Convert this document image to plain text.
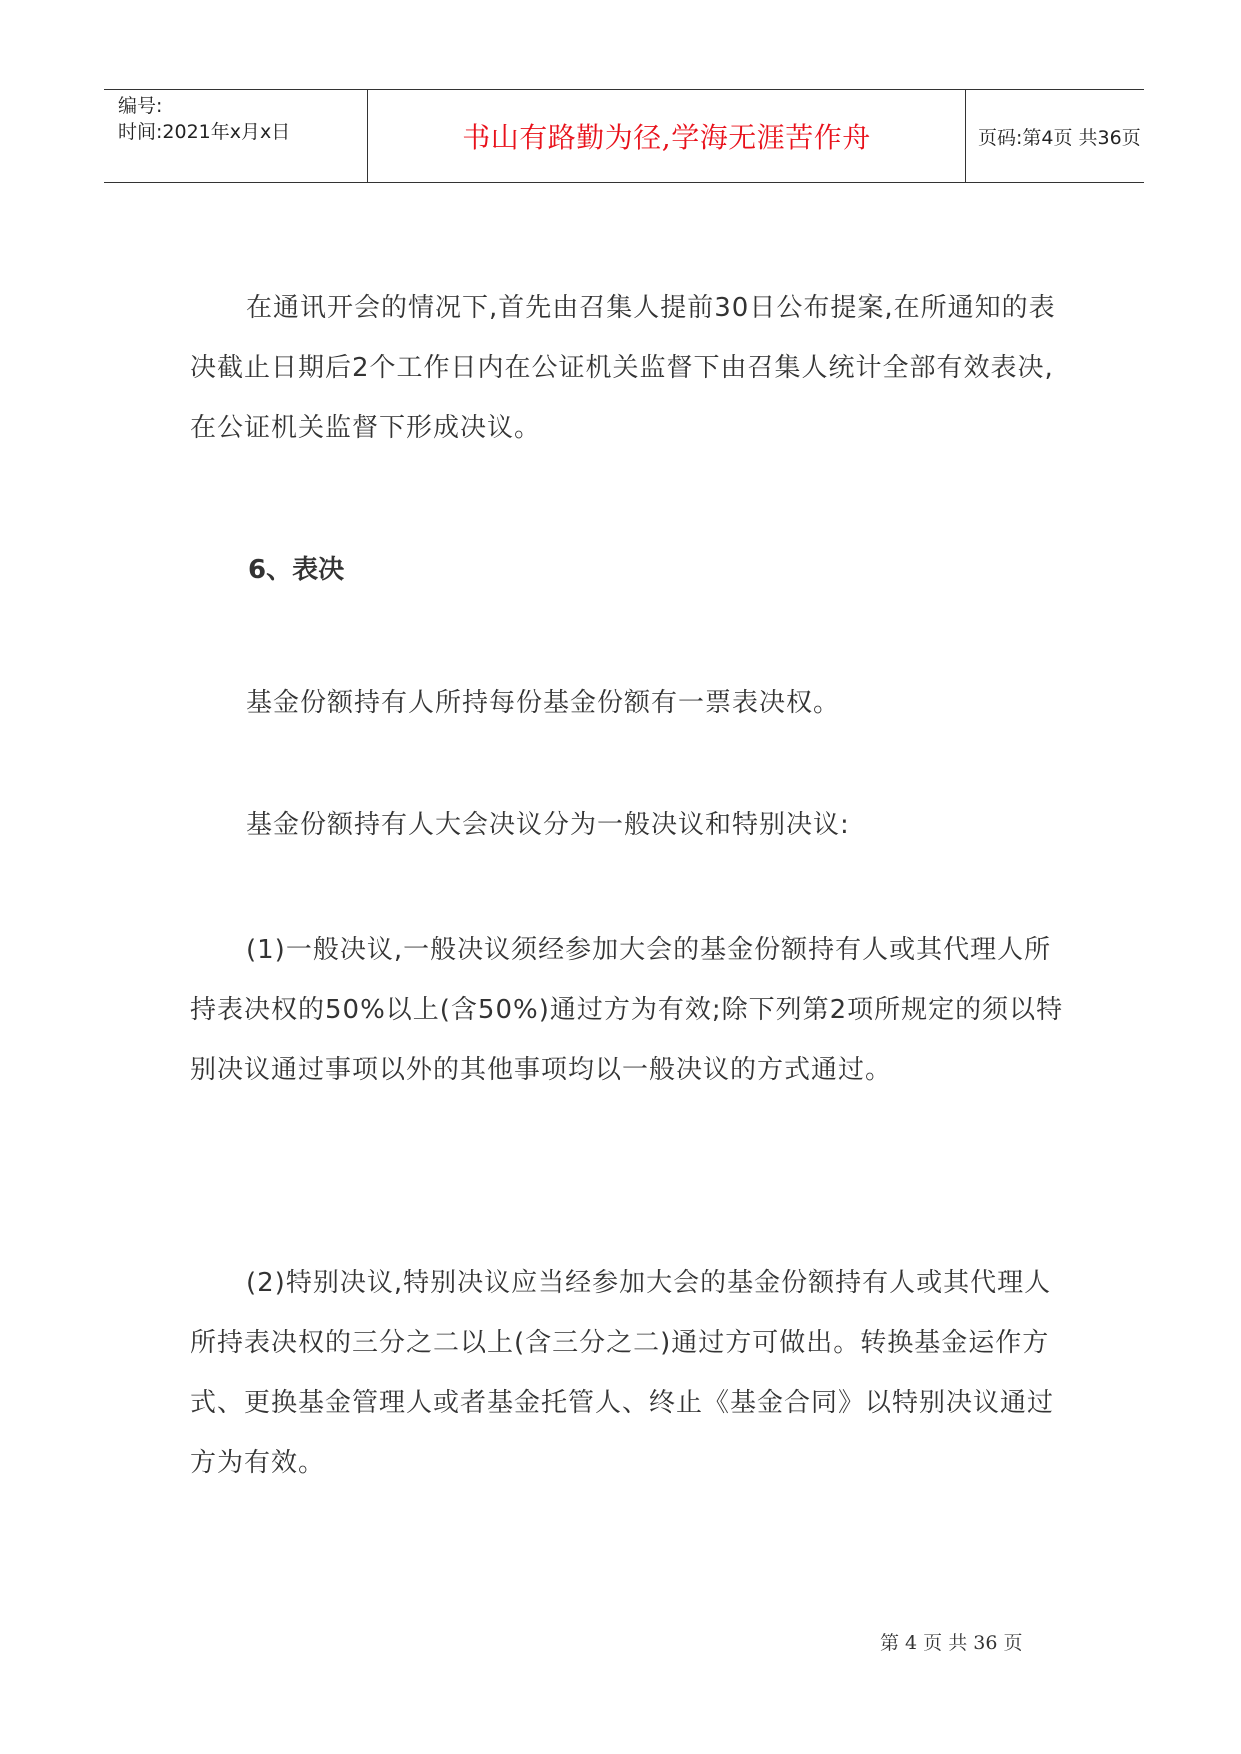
编号:
时间:2021年x月x日	书山有路勤为径,学海无涯苦作舟	页码:第4页 共36页

在通讯开会的情况下,首先由召集人提前30日公布提案,在所通知的表决截止日期后2个工作日内在公证机关监督下由召集人统计全部有效表决,在公证机关监督下形成决议。

6、表决

基金份额持有人所持每份基金份额有一票表决权。

基金份额持有人大会决议分为一般决议和特别决议:

(1)一般决议,一般决议须经参加大会的基金份额持有人或其代理人所持表决权的50%以上(含50%)通过方为有效;除下列第2项所规定的须以特别决议通过事项以外的其他事项均以一般决议的方式通过。

(2)特别决议,特别决议应当经参加大会的基金份额持有人或其代理人所持表决权的三分之二以上(含三分之二)通过方可做出。转换基金运作方式、更换基金管理人或者基金托管人、终止《基金合同》以特别决议通过方为有效。

第 4 页 共 36 页
